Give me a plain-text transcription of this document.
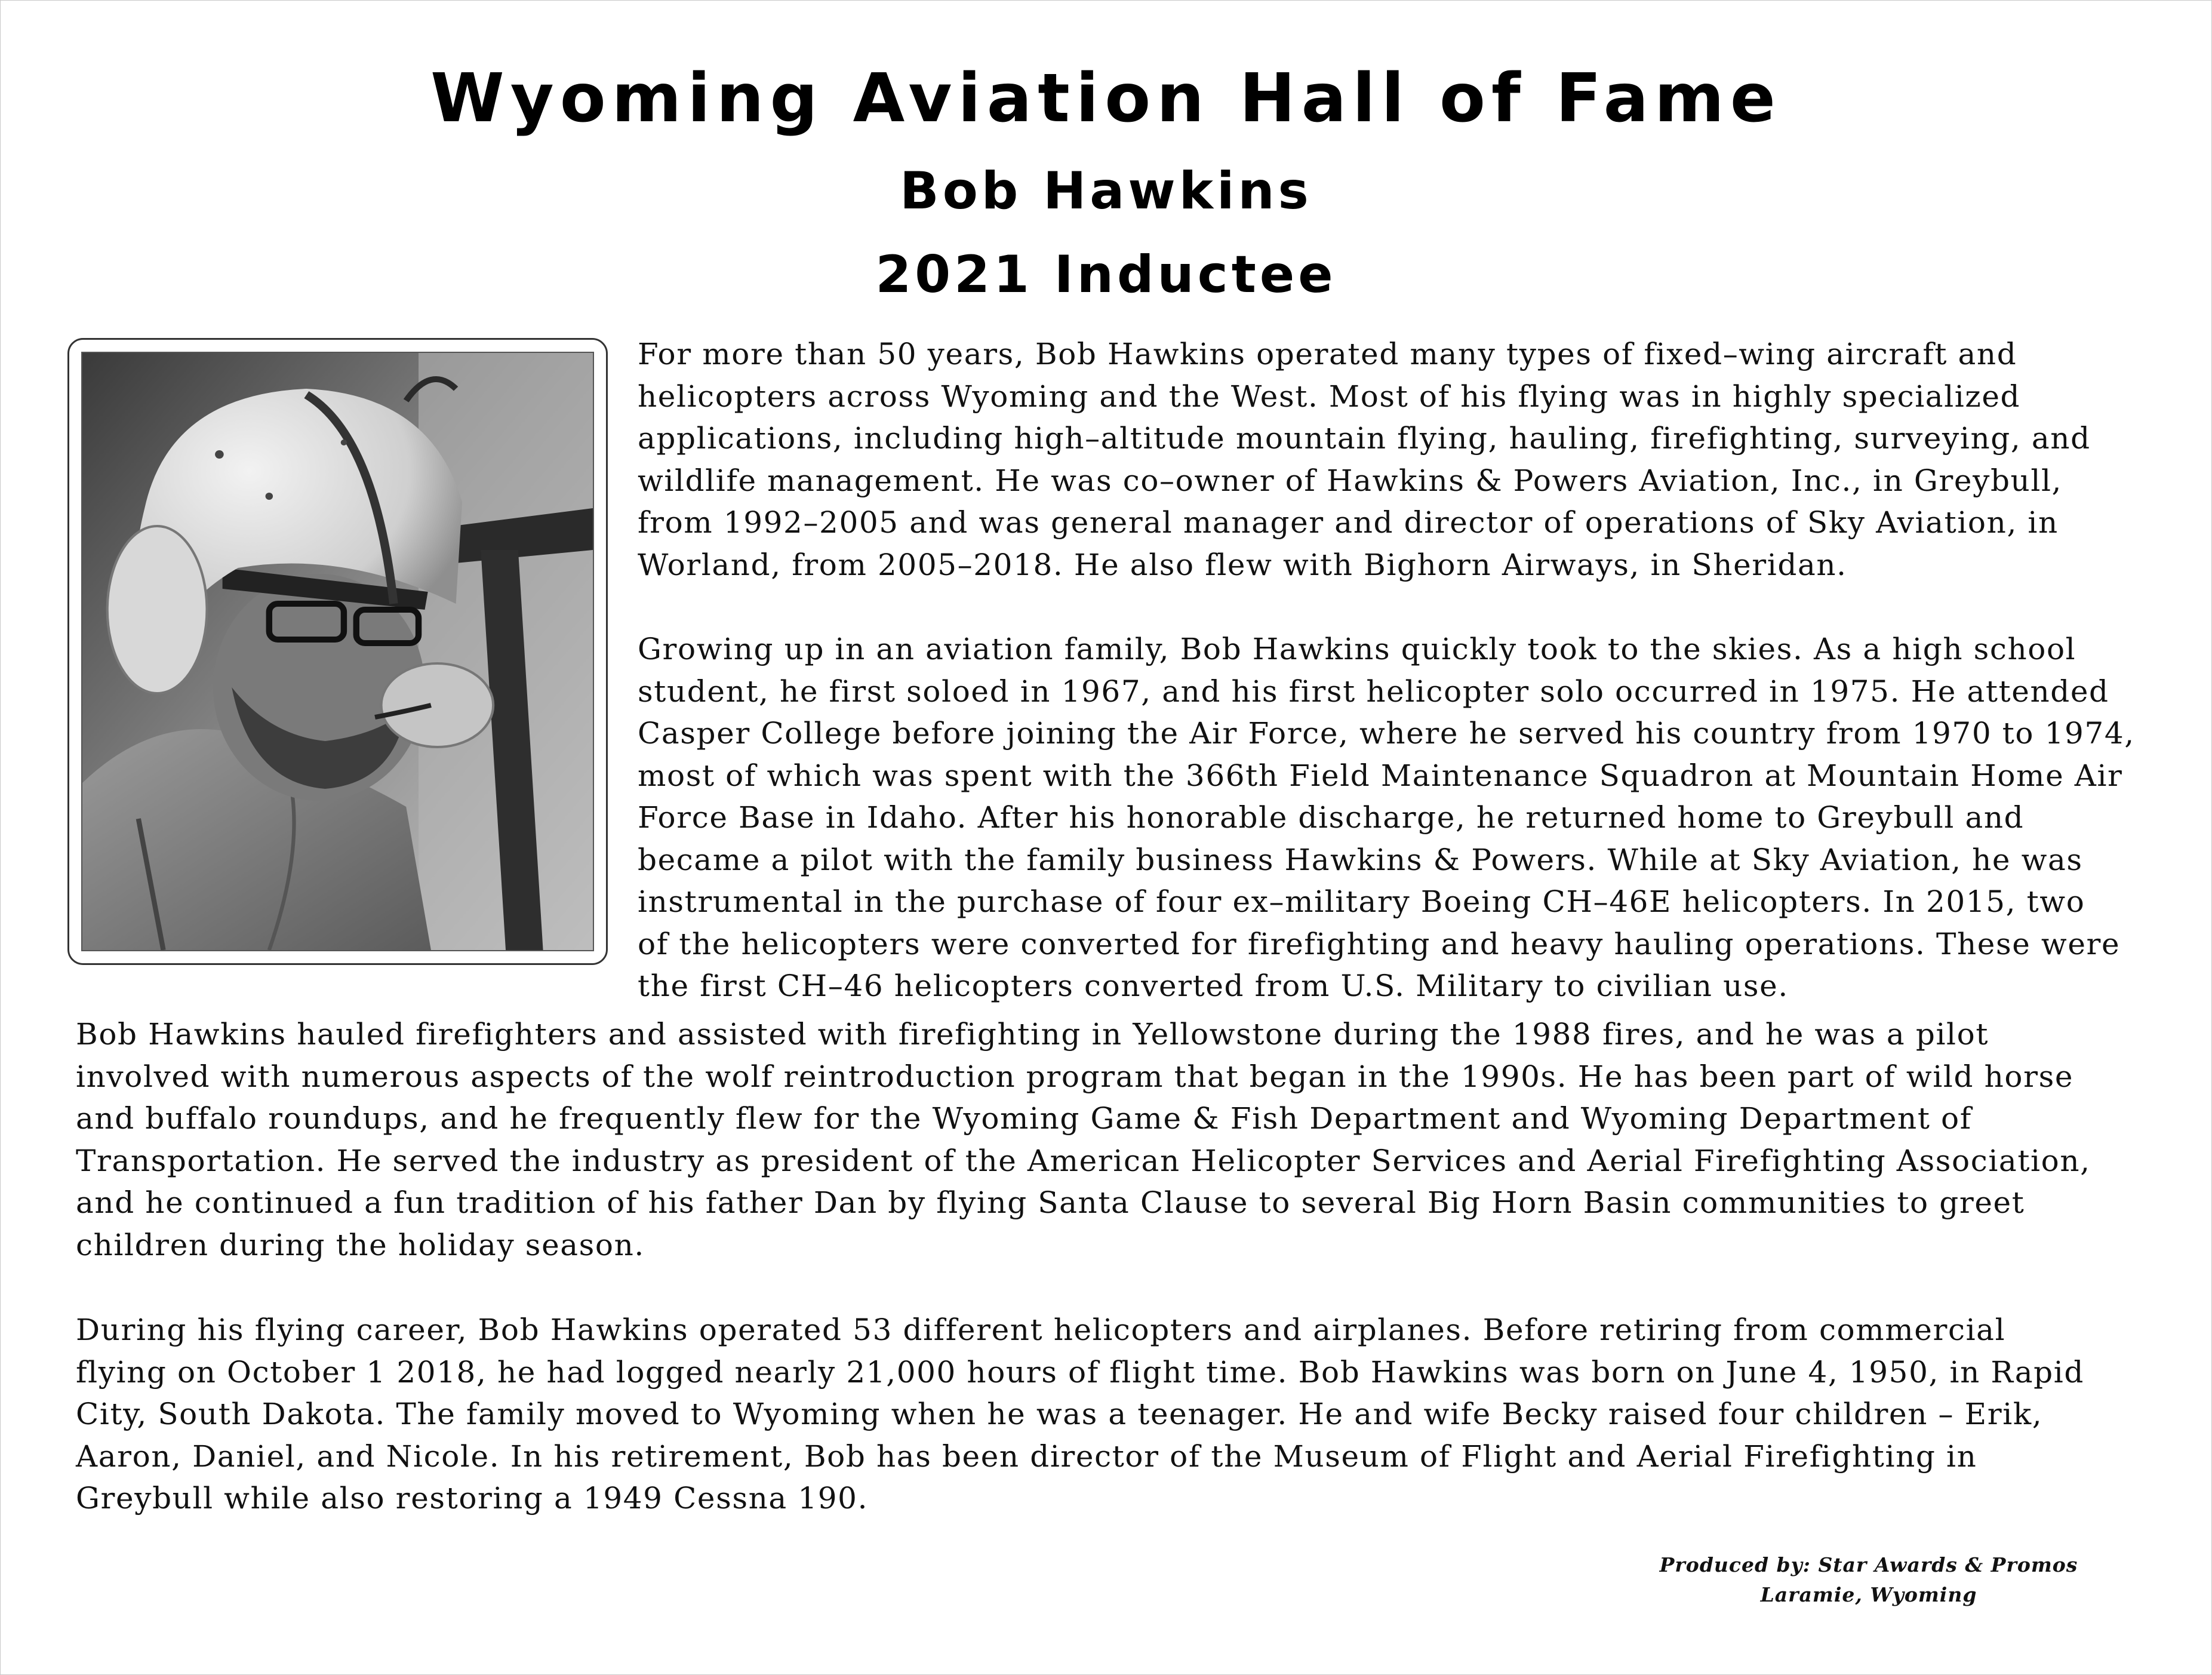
Wyoming Aviation Hall of Fame
Bob Hawkins
2021 Inductee
For more than 50 years, Bob Hawkins operated many types of fixed–wing aircraft and
helicopters across Wyoming and the West. Most of his flying was in highly specialized
applications, including high–altitude mountain flying, hauling, firefighting, surveying, and
wildlife management. He was co–owner of Hawkins & Powers Aviation, Inc., in Greybull,
from 1992–2005 and was general manager and director of operations of Sky Aviation, in
Worland, from 2005–2018. He also flew with Bighorn Airways, in Sheridan.
Growing up in an aviation family, Bob Hawkins quickly took to the skies. As a high school
student, he first soloed in 1967, and his first helicopter solo occurred in 1975. He attended
Casper College before joining the Air Force, where he served his country from 1970 to 1974,
most of which was spent with the 366th Field Maintenance Squadron at Mountain Home Air
Force Base in Idaho. After his honorable discharge, he returned home to Greybull and
became a pilot with the family business Hawkins & Powers. While at Sky Aviation, he was
instrumental in the purchase of four ex–military Boeing CH–46E helicopters. In 2015, two
of the helicopters were converted for firefighting and heavy hauling operations. These were
the first CH–46 helicopters converted from U.S. Military to civilian use.
Bob Hawkins hauled firefighters and assisted with firefighting in Yellowstone during the 1988 fires, and he was a pilot
involved with numerous aspects of the wolf reintroduction program that began in the 1990s. He has been part of wild horse
and buffalo roundups, and he frequently flew for the Wyoming Game & Fish Department and Wyoming Department of
Transportation. He served the industry as president of the American Helicopter Services and Aerial Firefighting Association,
and he continued a fun tradition of his father Dan by flying Santa Clause to several Big Horn Basin communities to greet
children during the holiday season.
During his flying career, Bob Hawkins operated 53 different helicopters and airplanes. Before retiring from commercial
flying on October 1 2018, he had logged nearly 21,000 hours of flight time. Bob Hawkins was born on June 4, 1950, in Rapid
City, South Dakota. The family moved to Wyoming when he was a teenager. He and wife Becky raised four children – Erik,
Aaron, Daniel, and Nicole. In his retirement, Bob has been director of the Museum of Flight and Aerial Firefighting in
Greybull while also restoring a 1949 Cessna 190.
Produced by: Star Awards & Promos
Laramie, Wyoming
